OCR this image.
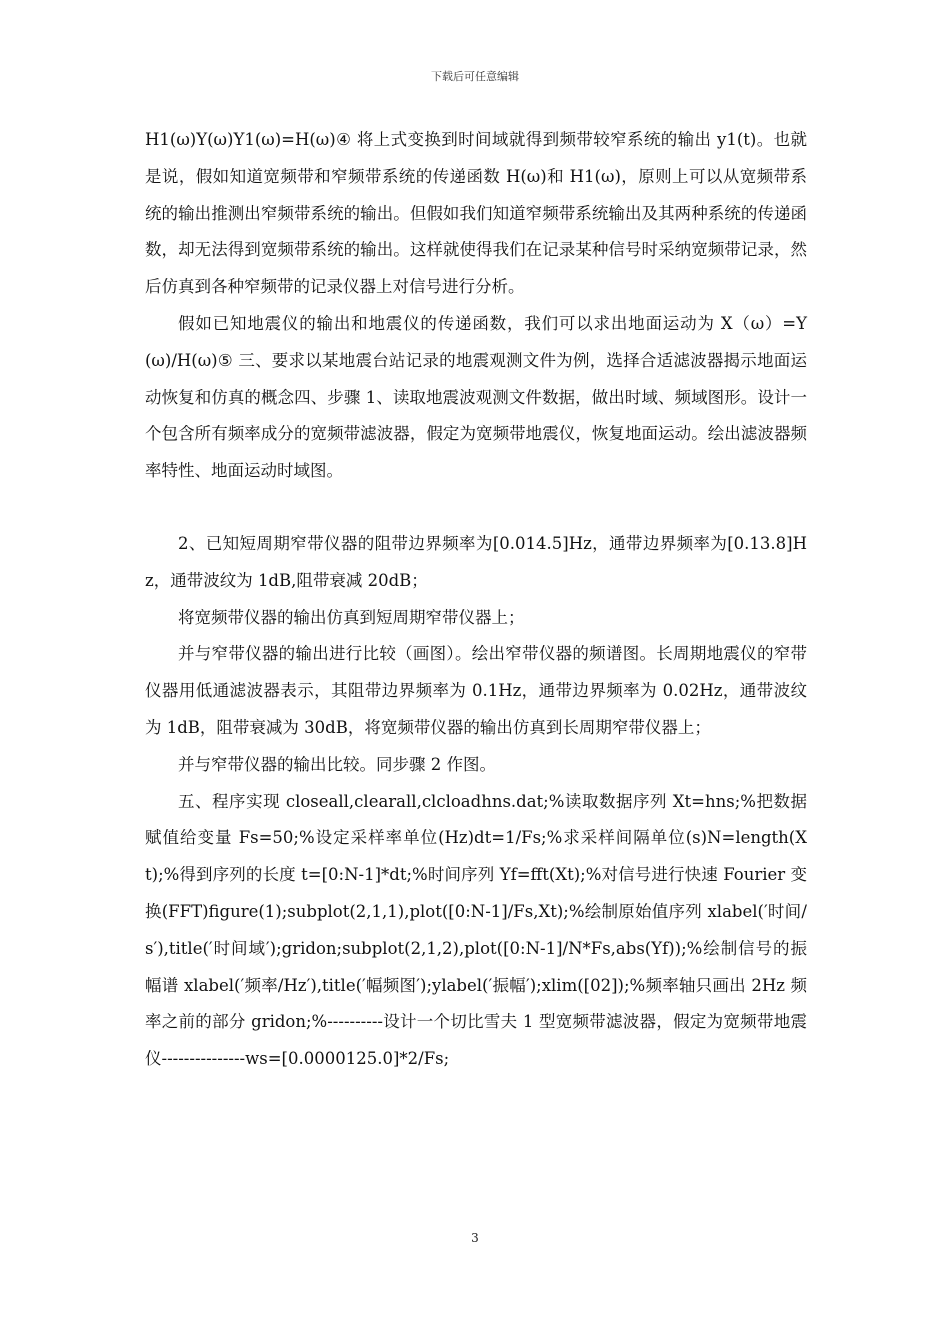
下载后可任意编辑

H1(ω)Y(ω)Y1(ω)=H(ω)④ 将上式变换到时间域就得到频带较窄系统的输出 y1(t)。也就是说，假如知道宽频带和窄频带系统的传递函数 H(ω)和 H1(ω)，原则上可以从宽频带系统的输出推测出窄频带系统的输出。但假如我们知道窄频带系统输出及其两种系统的传递函数，却无法得到宽频带系统的输出。这样就使得我们在记录某种信号时采纳宽频带记录，然后仿真到各种窄频带的记录仪器上对信号进行分析。

假如已知地震仪的输出和地震仪的传递函数，我们可以求出地面运动为 X（ω）=Y(ω)/H(ω)⑤ 三、要求以某地震台站记录的地震观测文件为例，选择合适滤波器揭示地面运动恢复和仿真的概念四、步骤 1、读取地震波观测文件数据，做出时域、频域图形。设计一个包含所有频率成分的宽频带滤波器，假定为宽频带地震仪，恢复地面运动。绘出滤波器频率特性、地面运动时域图。

2、已知短周期窄带仪器的阻带边界频率为[0.014.5]Hz，通带边界频率为[0.13.8]Hz，通带波纹为 1dB,阻带衰减 20dB；

将宽频带仪器的输出仿真到短周期窄带仪器上；

并与窄带仪器的输出进行比较（画图）。绘出窄带仪器的频谱图。长周期地震仪的窄带仪器用低通滤波器表示，其阻带边界频率为 0.1Hz，通带边界频率为 0.02Hz，通带波纹为 1dB，阻带衰减为 30dB，将宽频带仪器的输出仿真到长周期窄带仪器上；

并与窄带仪器的输出比较。同步骤 2 作图。

五、程序实现 closeall,clearall,clcloadhns.dat;%读取数据序列 Xt=hns;%把数据赋值给变量 Fs=50;%设定采样率单位(Hz)dt=1/Fs;%求采样间隔单位(s)N=length(Xt);%得到序列的长度 t=[0:N-1]*dt;%时间序列 Yf=fft(Xt);%对信号进行快速 Fourier 变换(FFT)figure(1);subplot(2,1,1),plot([0:N-1]/Fs,Xt);%绘制原始值序列 xlabel(′时间/s′),title(′时间域′);gridon;subplot(2,1,2),plot([0:N-1]/N*Fs,abs(Yf));%绘制信号的振幅谱 xlabel(′频率/Hz′),title(′幅频图′);ylabel(′振幅′);xlim([02]);%频率轴只画出 2Hz 频率之前的部分 gridon;%----------设计一个切比雪夫 1 型宽频带滤波器，假定为宽频带地震仪---------------ws=[0.0000125.0]*2/Fs;

3
